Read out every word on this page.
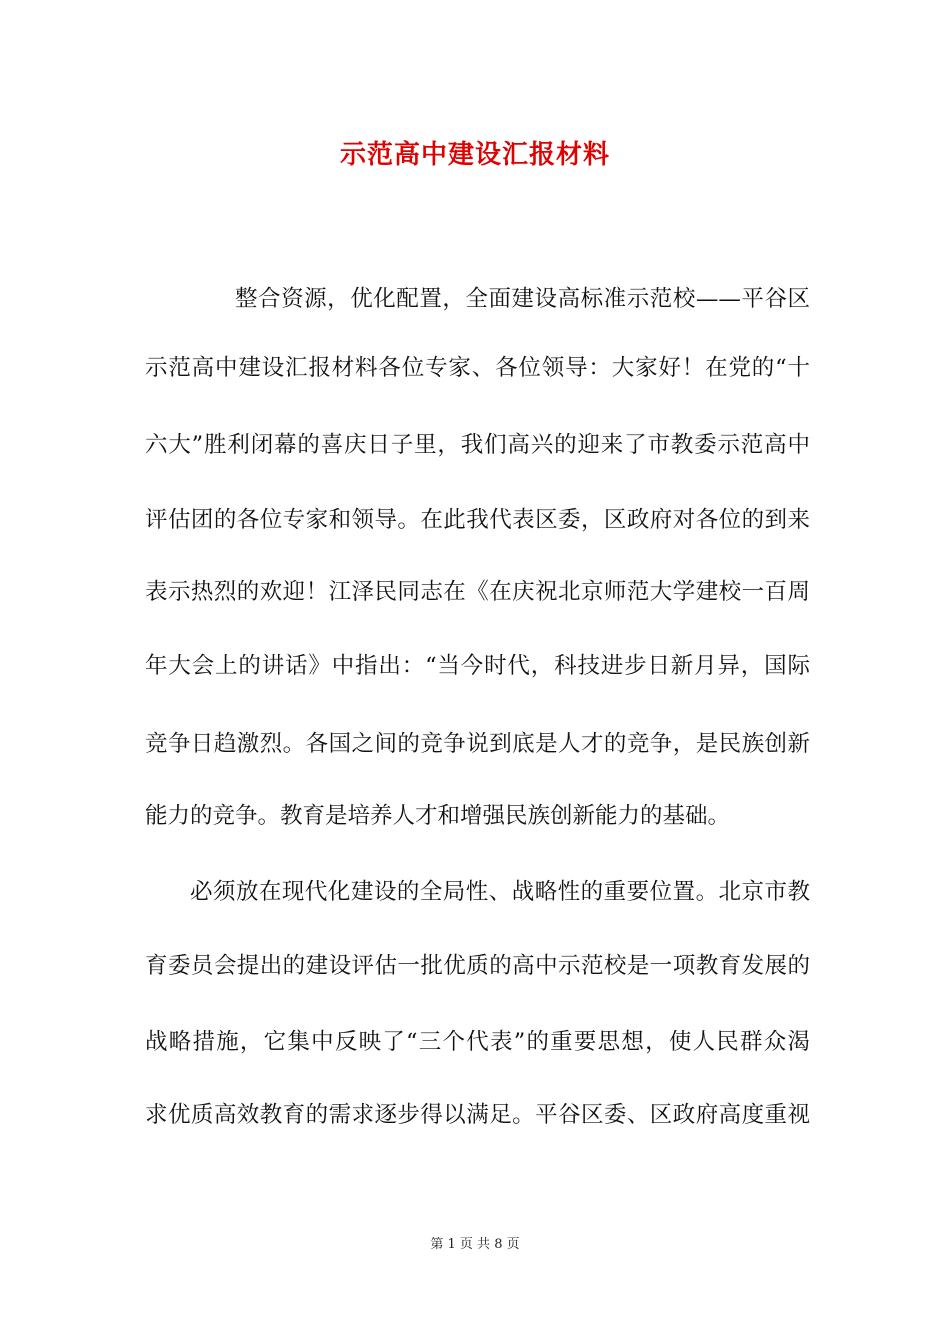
示范高中建设汇报材料
整合资源，优化配置，全面建设高标准示范校——平谷区
示范高中建设汇报材料各位专家、各位领导：大家好！在党的“十
六大”胜利闭幕的喜庆日子里，我们高兴的迎来了市教委示范高中
评估团的各位专家和领导。在此我代表区委，区政府对各位的到来
表示热烈的欢迎！江泽民同志在《在庆祝北京师范大学建校一百周
年大会上的讲话》中指出：“当今时代，科技进步日新月异，国际
竞争日趋激烈。各国之间的竞争说到底是人才的竞争，是民族创新
能力的竞争。教育是培养人才和增强民族创新能力的基础。
必须放在现代化建设的全局性、战略性的重要位置。北京市教
育委员会提出的建设评估一批优质的高中示范校是一项教育发展的
战略措施，它集中反映了“三个代表”的重要思想，使人民群众渴
求优质高效教育的需求逐步得以满足。平谷区委、区政府高度重视
第 1 页 共 8 页
